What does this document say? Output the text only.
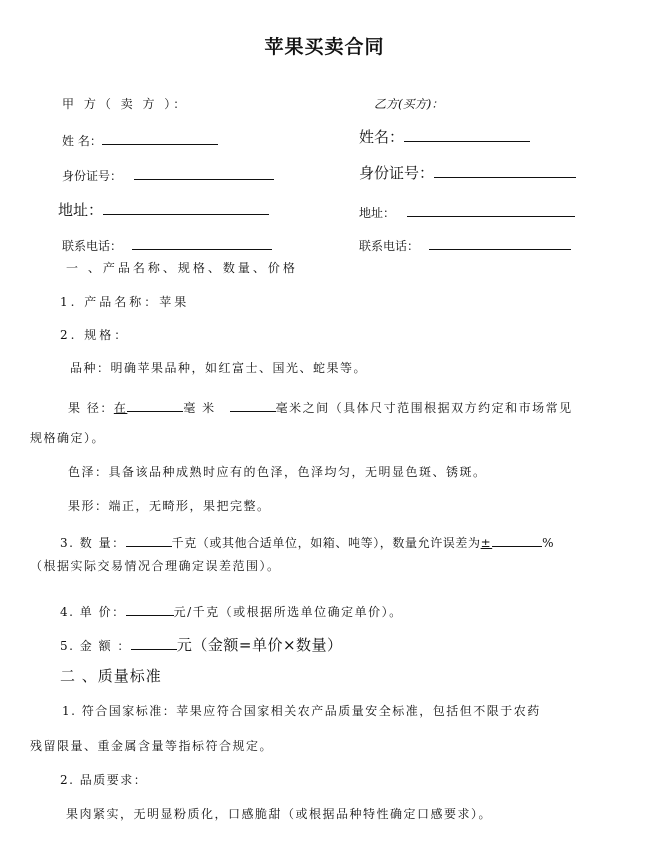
苹果买卖合同
甲 方（ 卖 方 ）：
姓 名：
身份证号：
地址：
联系电话：
乙方(买方)：
姓名：
身份证号：
地址：
联系电话：
一 、产品名称、规格、数量、价格
1. 产品名称：苹果
2. 规格：
品种：明确苹果品种，如红富士、国光、蛇果等。
果 径：在	毫 米	毫米之间（具体尺寸范围根据双方约定和市场常见
规格确定）。
色泽：具备该品种成熟时应有的色泽，色泽均匀，无明显色斑、锈斑。
果形：端正，无畸形，果把完整。
3. 数 量：	千克（或其他合适单位，如箱、吨等），数量允许误差为±	%
（根据实际交易情况合理确定误差范围）。
4. 单 价：	元/千克（或根据所选单位确定单价）。
5. 金 额 ：	元（金额=单价×数量）
二 、质量标准
1. 符合国家标准：苹果应符合国家相关农产品质量安全标准，包括但不限于农药
残留限量、重金属含量等指标符合规定。
2. 品质要求：
果肉紧实，无明显粉质化，口感脆甜（或根据品种特性确定口感要求）。
